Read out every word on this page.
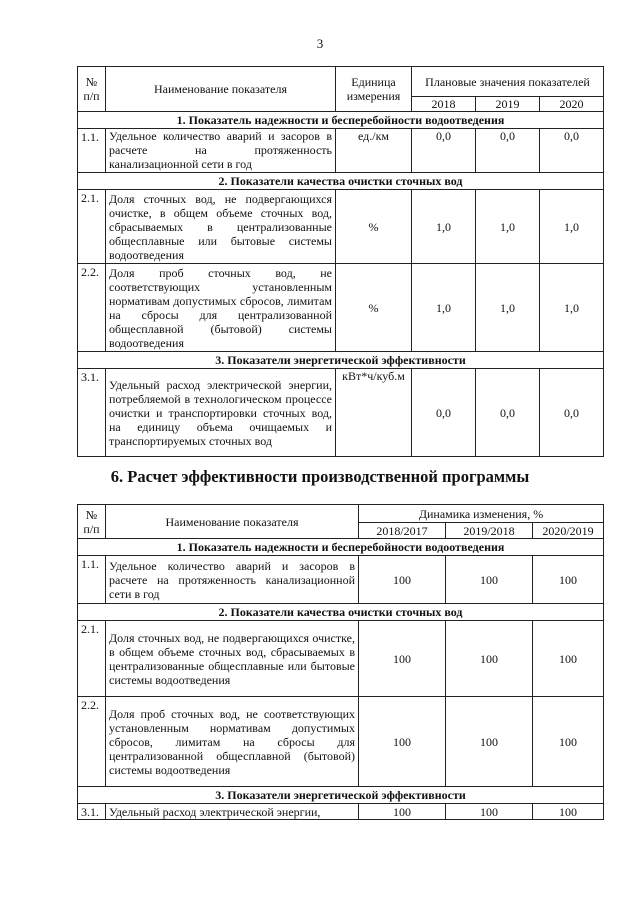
3
№ п/п	Наименование показателя	Единица измерения	Плановые значения показателей		
			2018	2019	2020
1. Показатель надежности и бесперебойности водоотведения					
1.1.	Удельное количество аварий и засоров в расчете на протяженность канализационной сети в год	ед./км	0,0	0,0	0,0
2. Показатели качества очистки сточных вод					
2.1.	Доля сточных вод, не подвергающихся очистке, в общем объеме сточных вод, сбрасываемых в централизованные общесплавные или бытовые системы водоотведения	%	1,0	1,0	1,0
2.2.	Доля проб сточных вод, не соответствующих установленным нормативам допустимых сбросов, лимитам на сбросы для централизованной общесплавной (бытовой) системы водоотведения	%	1,0	1,0	1,0
3. Показатели энергетической эффективности					
3.1.	Удельный расход электрической энергии, потребляемой в технологическом процессе очистки и транспортировки сточных вод, на единицу объема очищаемых и транспортируемых сточных вод	кВт*ч/куб.м	0,0	0,0	0,0
6. Расчет эффективности производственной программы
№ п/п	Наименование показателя	Динамика изменения, %		
		2018/2017	2019/2018	2020/2019
1. Показатель надежности и бесперебойности водоотведения				
1.1.	Удельное количество аварий и засоров в расчете на протяженность канализационной сети в год	100	100	100
2. Показатели качества очистки сточных вод				
2.1.	Доля сточных вод, не подвергающихся очистке, в общем объеме сточных вод, сбрасываемых в централизованные общесплавные или бытовые системы водоотведения	100	100	100
2.2.	Доля проб сточных вод, не соответствующих установленным нормативам допустимых сбросов, лимитам на сбросы для централизованной общесплавной (бытовой) системы водоотведения	100	100	100
3. Показатели энергетической эффективности				
3.1.	Удельный расход электрической энергии,	100	100	100
